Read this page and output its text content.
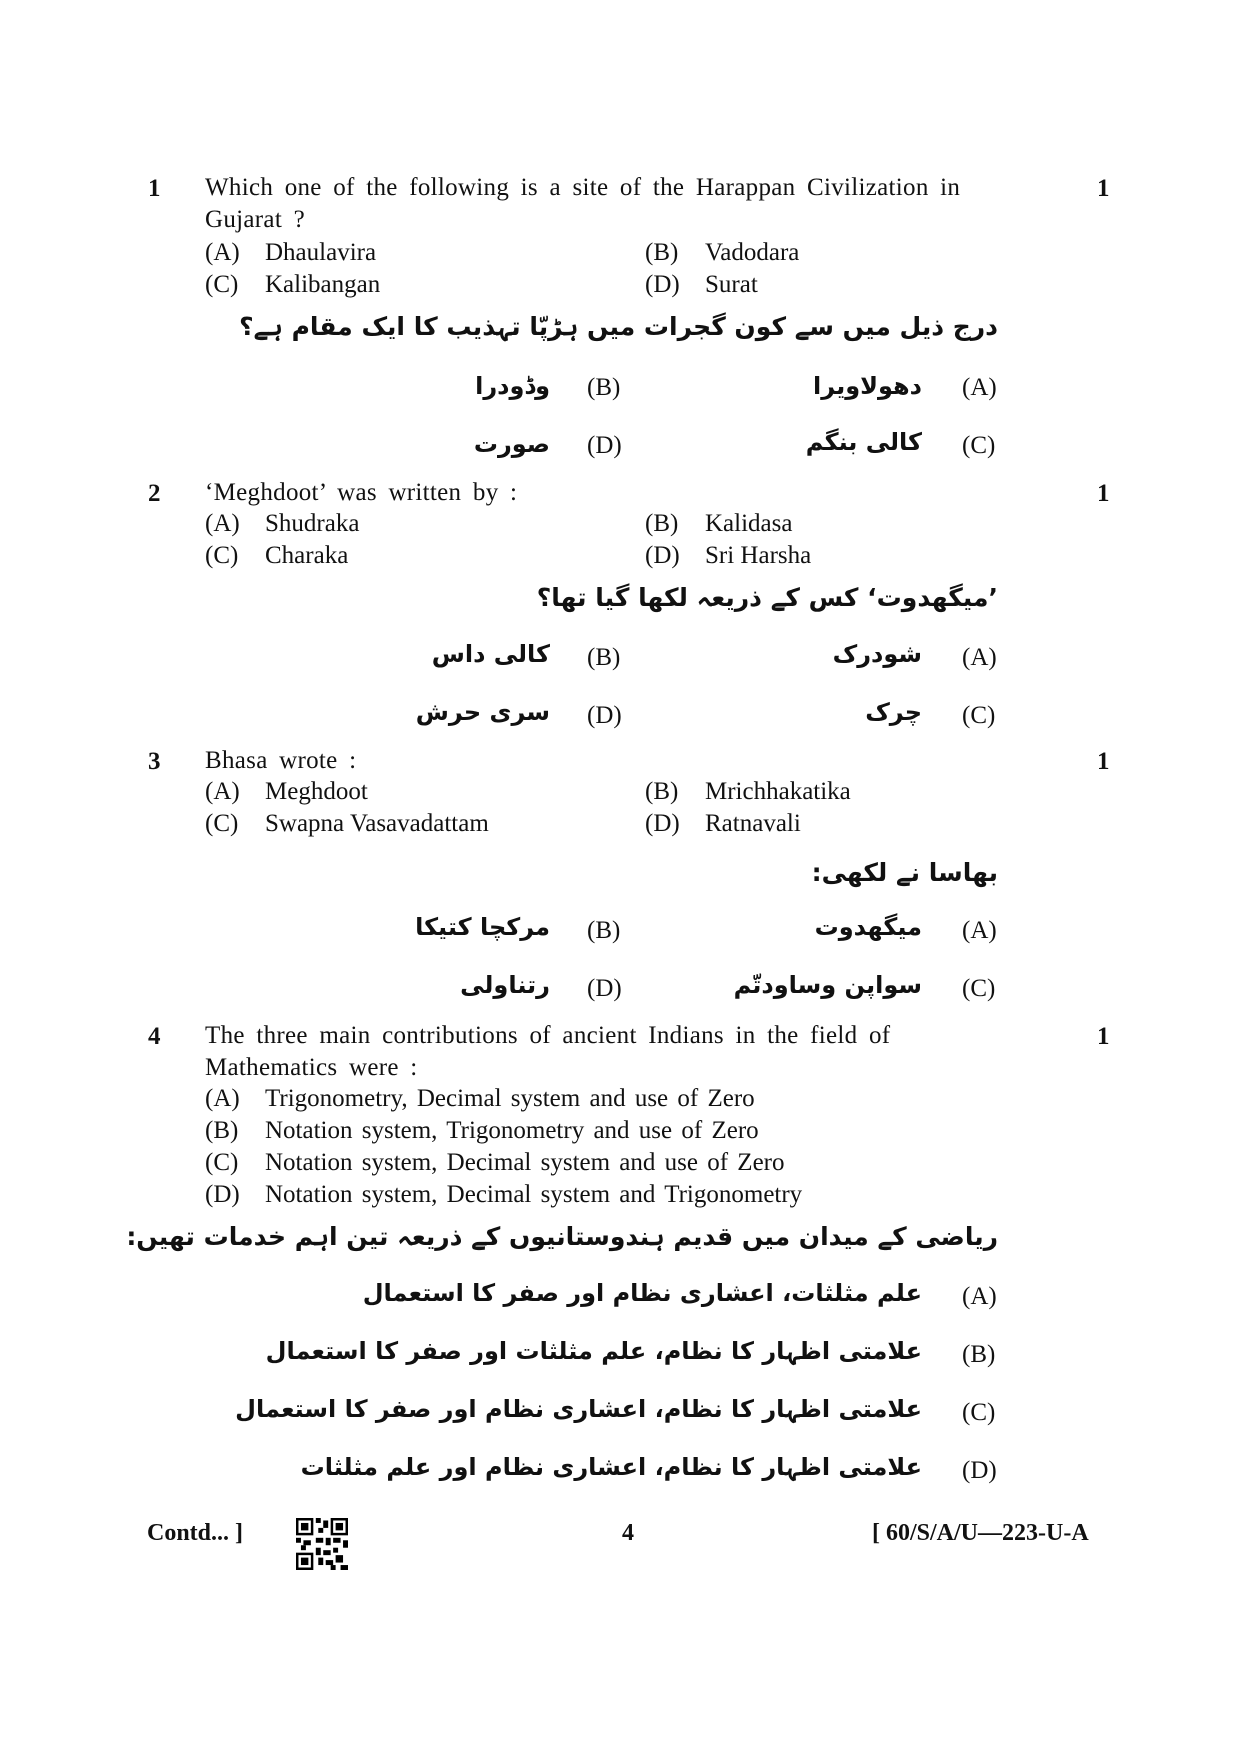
1	1
Which one of the following is a site of the Harappan Civilization in
Gujarat ?
(A) Dhaulavira	(B) Vadodara
(C) Kalibangan	(D) Surat
درج ذیل میں سے کون گجرات میں ہڑپّا تہذیب کا ایک مقام ہے؟
(A)
دھولاویرا
(B)
وڈودرا
(C)
کالی بنگم
(D)
صورت
2	1
‘Meghdoot’ was written by :
(A) Shudraka	(B) Kalidasa
(C) Charaka	(D) Sri Harsha
’میگھدوت‘ کس کے ذریعہ لکھا گیا تھا؟
(A)
شودرک
(B)
کالی داس
(C)
چرک
(D)
سری حرش
3	1
Bhasa wrote :
(A) Meghdoot	(B) Mrichhakatika
(C) Swapna Vasavadattam	(D) Ratnavali
بھاسا نے لکھی:
(A)
میگھدوت
(B)
مرکچا کتیکا
(C)
سواپن وساودتّم
(D)
رتناولی
4	1
The three main contributions of ancient Indians in the field of
Mathematics were :
(A) Trigonometry, Decimal system and use of Zero
(B) Notation system, Trigonometry and use of Zero
(C) Notation system, Decimal system and use of Zero
(D) Notation system, Decimal system and Trigonometry
ریاضی کے میدان میں قدیم ہندوستانیوں کے ذریعہ تین اہم خدمات تھیں:
(A)
علم مثلثات، اعشاری نظام اور صفر کا استعمال
(B)
علامتی اظہار کا نظام، علم مثلثات اور صفر کا استعمال
(C)
علامتی اظہار کا نظام، اعشاری نظام اور صفر کا استعمال
(D)
علامتی اظہار کا نظام، اعشاری نظام اور علم مثلثات
Contd... ]	4	[ 60/S/A/U—223-U-A
